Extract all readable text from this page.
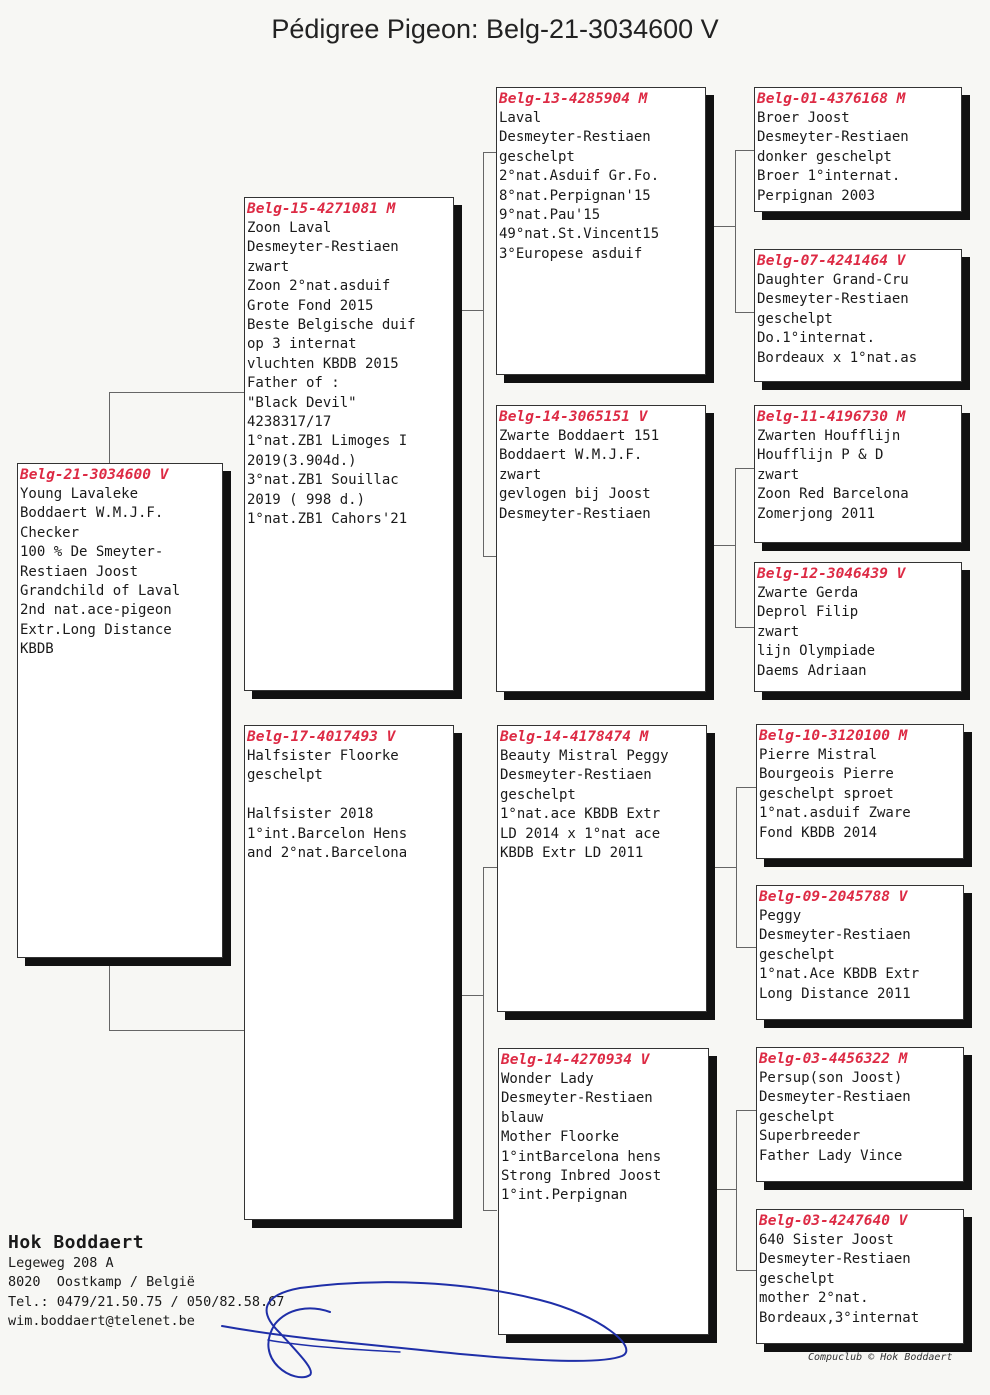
Pédigree Pigeon: Belg-21-3034600 V
Belg-21-3034600 V
Young Lavaleke
Boddaert W.M.J.F.
Checker
100 % De Smeyter-
Restiaen Joost
Grandchild of Laval
2nd nat.ace-pigeon
Extr.Long Distance
KBDB
Belg-15-4271081 M
Zoon Laval
Desmeyter-Restiaen
zwart
Zoon 2°nat.asduif
Grote Fond 2015
Beste Belgische duif
op 3 internat
vluchten KBDB 2015
Father of :
"Black Devil"
4238317/17
1°nat.ZB1 Limoges I
2019(3.904d.)
3°nat.ZB1 Souillac
2019 ( 998 d.)
1°nat.ZB1 Cahors'21
Belg-17-4017493 V
Halfsister Floorke
geschelpt
Halfsister 2018
1°int.Barcelon Hens
and 2°nat.Barcelona
Belg-13-4285904 M
Laval
Desmeyter-Restiaen
geschelpt
2°nat.Asduif Gr.Fo.
8°nat.Perpignan'15
9°nat.Pau'15
49°nat.St.Vincent15
3°Europese asduif
Belg-14-3065151 V
Zwarte Boddaert 151
Boddaert W.M.J.F.
zwart
gevlogen bij Joost
Desmeyter-Restiaen
Belg-14-4178474 M
Beauty Mistral Peggy
Desmeyter-Restiaen
geschelpt
1°nat.ace KBDB Extr
LD 2014 x 1°nat ace
KBDB Extr LD 2011
Belg-14-4270934 V
Wonder Lady
Desmeyter-Restiaen
blauw
Mother Floorke
1°intBarcelona hens
Strong Inbred Joost
1°int.Perpignan
Belg-01-4376168 M
Broer Joost
Desmeyter-Restiaen
donker geschelpt
Broer 1°internat.
Perpignan 2003
Belg-07-4241464 V
Daughter Grand-Cru
Desmeyter-Restiaen
geschelpt
Do.1°internat.
Bordeaux x 1°nat.as
Belg-11-4196730 M
Zwarten Houfflijn
Houfflijn P & D
zwart
Zoon Red Barcelona
Zomerjong 2011
Belg-12-3046439 V
Zwarte Gerda
Deprol Filip
zwart
lijn Olympiade
Daems Adriaan
Belg-10-3120100 M
Pierre Mistral
Bourgeois Pierre
geschelpt sproet
1°nat.asduif Zware
Fond KBDB 2014
Belg-09-2045788 V
Peggy
Desmeyter-Restiaen
geschelpt
1°nat.Ace KBDB Extr
Long Distance 2011
Belg-03-4456322 M
Persup(son Joost)
Desmeyter-Restiaen
geschelpt
Superbreeder
Father Lady Vince
Belg-03-4247640 V
640 Sister Joost
Desmeyter-Restiaen
geschelpt
mother 2°nat.
Bordeaux,3°internat
Hok Boddaert
Legeweg 208 A
8020  Oostkamp / België
Tel.: 0479/21.50.75 / 050/82.58.67
wim.boddaert@telenet.be
Compuclub © Hok Boddaert
